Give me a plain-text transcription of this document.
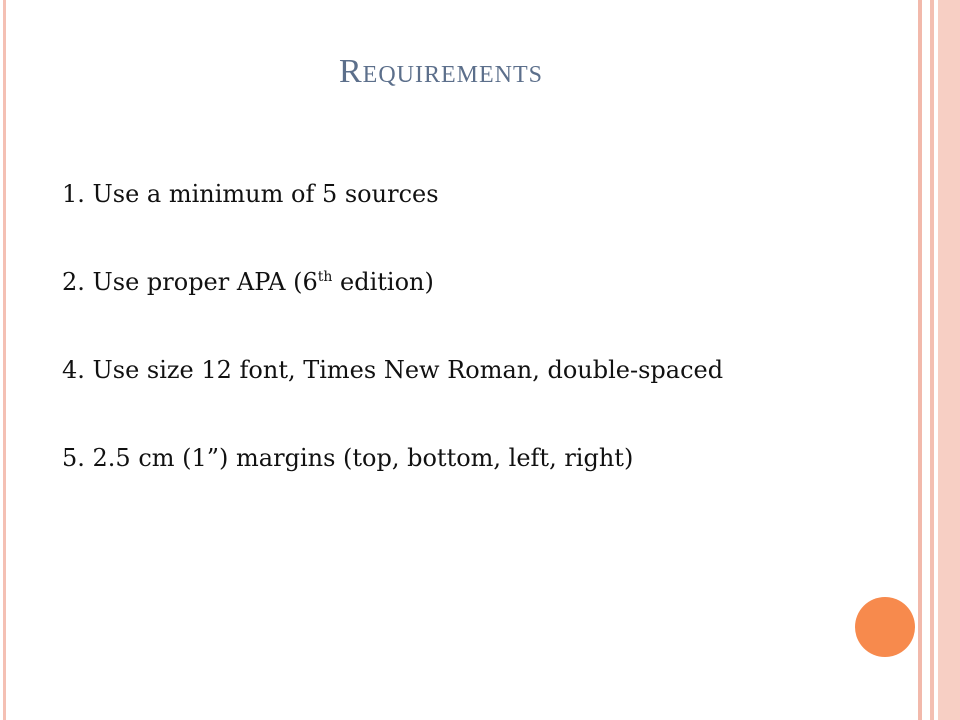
Requirements
1. Use a minimum of 5 sources
2. Use proper APA (6th edition)
4. Use size 12 font, Times New Roman, double-spaced
5. 2.5 cm (1”) margins (top, bottom, left, right)
